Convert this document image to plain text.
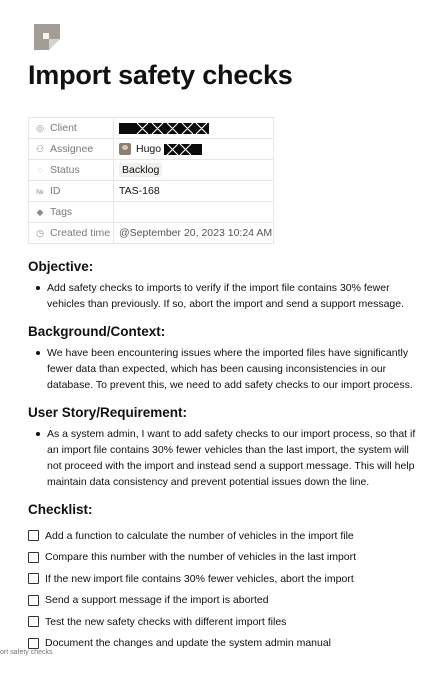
Import safety checks
◎ Client	

⚇ Assignee	Hugo

◌ Status	Backlog
№ ID	TAS-168
◆ Tags	
◷ Created time	@September 20, 2023 10:24 AM
Objective:
Add safety checks to imports to verify if the import file contains 30% fewer vehicles than previously. If so, abort the import and send a support message.
Background/Context:
We have been encountering issues where the imported files have significantly fewer data than expected, which has been causing inconsistencies in our database. To prevent this, we need to add safety checks to our import process.
User Story/Requirement:
As a system admin, I want to add safety checks to our import process, so that if an import file contains 30% fewer vehicles than the last import, the system will not proceed with the import and instead send a support message. This will help maintain data consistency and prevent potential issues down the line.
Checklist:
Add a function to calculate the number of vehicles in the import file
Compare this number with the number of vehicles in the last import
If the new import file contains 30% fewer vehicles, abort the import
Send a support message if the import is aborted
Test the new safety checks with different import files
Document the changes and update the system admin manual
ort safety checks
